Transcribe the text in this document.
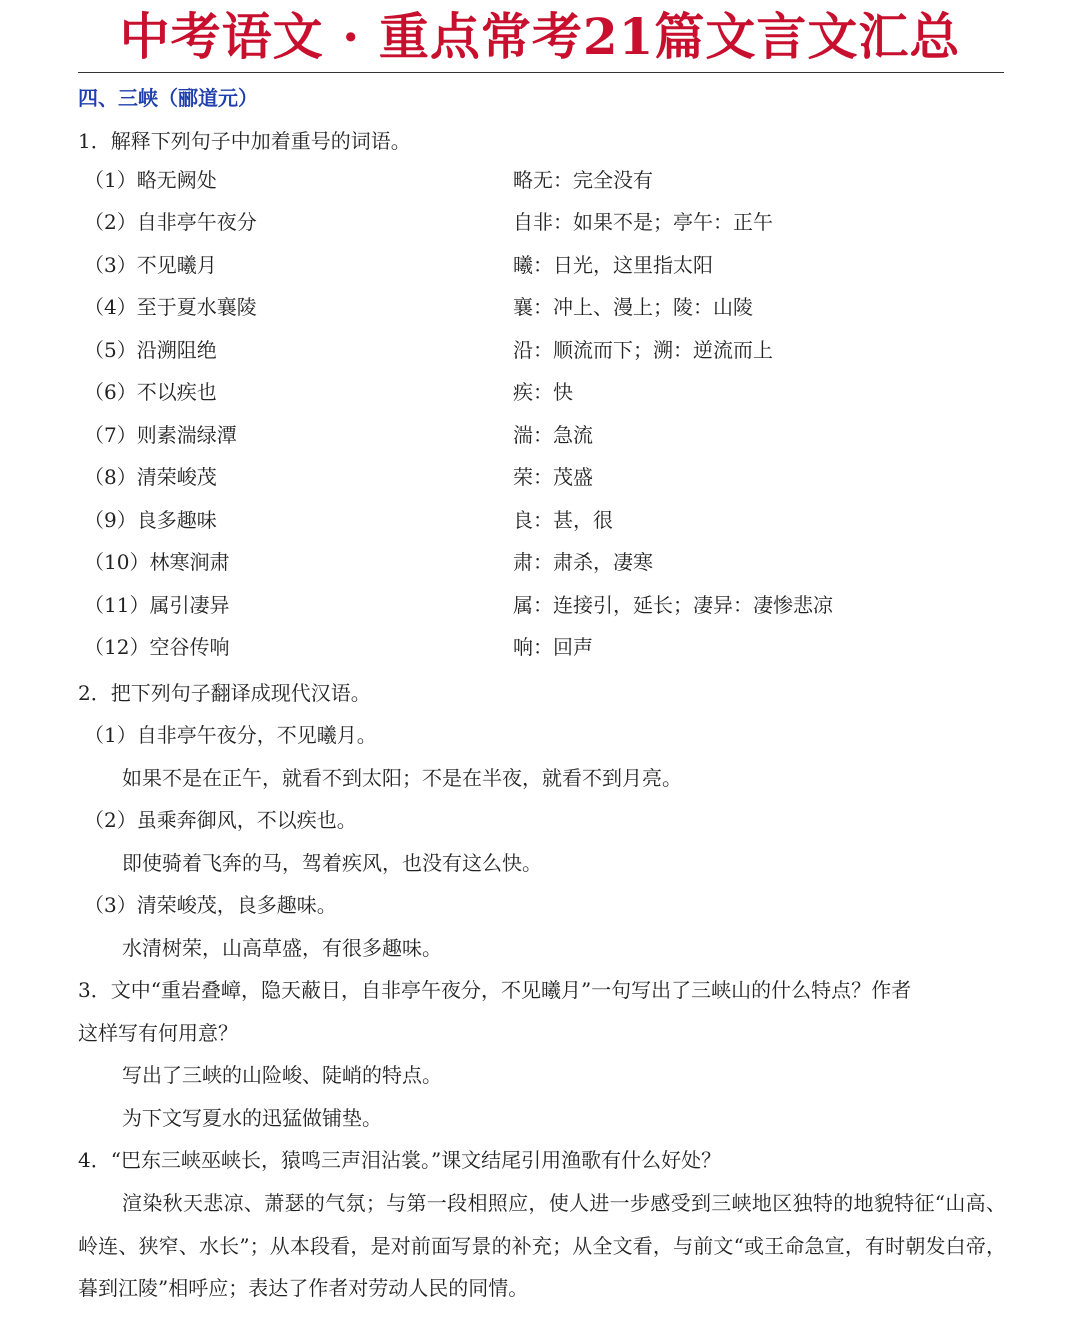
中考语文 · 重点常考21篇文言文汇总
四、三峡（郦道元）
1．解释下列句子中加着重号的词语。
（1）略无阙处	略无：完全没有
（2）自非亭午夜分	自非：如果不是；亭午：正午
（3）不见曦月	曦：日光，这里指太阳
（4）至于夏水襄陵	襄：冲上、漫上；陵：山陵
（5）沿溯阻绝	沿：顺流而下；溯：逆流而上
（6）不以疾也	疾：快
（7）则素湍绿潭	湍：急流
（8）清荣峻茂	荣：茂盛
（9）良多趣味	良：甚，很
（10）林寒涧肃	肃：肃杀，凄寒
（11）属引凄异	属：连接引，延长；凄异：凄惨悲凉
（12）空谷传响	响：回声
2．把下列句子翻译成现代汉语。
（1）自非亭午夜分，不见曦月。
如果不是在正午，就看不到太阳；不是在半夜，就看不到月亮。
（2）虽乘奔御风，不以疾也。
即使骑着飞奔的马，驾着疾风，也没有这么快。
（3）清荣峻茂，良多趣味。
水清树荣，山高草盛，有很多趣味。
3．文中“重岩叠嶂，隐天蔽日，自非亭午夜分，不见曦月”一句写出了三峡山的什么特点？作者
这样写有何用意？
写出了三峡的山险峻、陡峭的特点。
为下文写夏水的迅猛做铺垫。
4．“巴东三峡巫峡长，猿鸣三声泪沾裳。”课文结尾引用渔歌有什么好处？
渲染秋天悲凉、萧瑟的气氛；与第一段相照应，使人进一步感受到三峡地区独特的地貌特征“山高、岭连、狭窄、水长”；从本段看，是对前面写景的补充；从全文看，与前文“或王命急宣，有时朝发白帝，暮到江陵”相呼应；表达了作者对劳动人民的同情。
